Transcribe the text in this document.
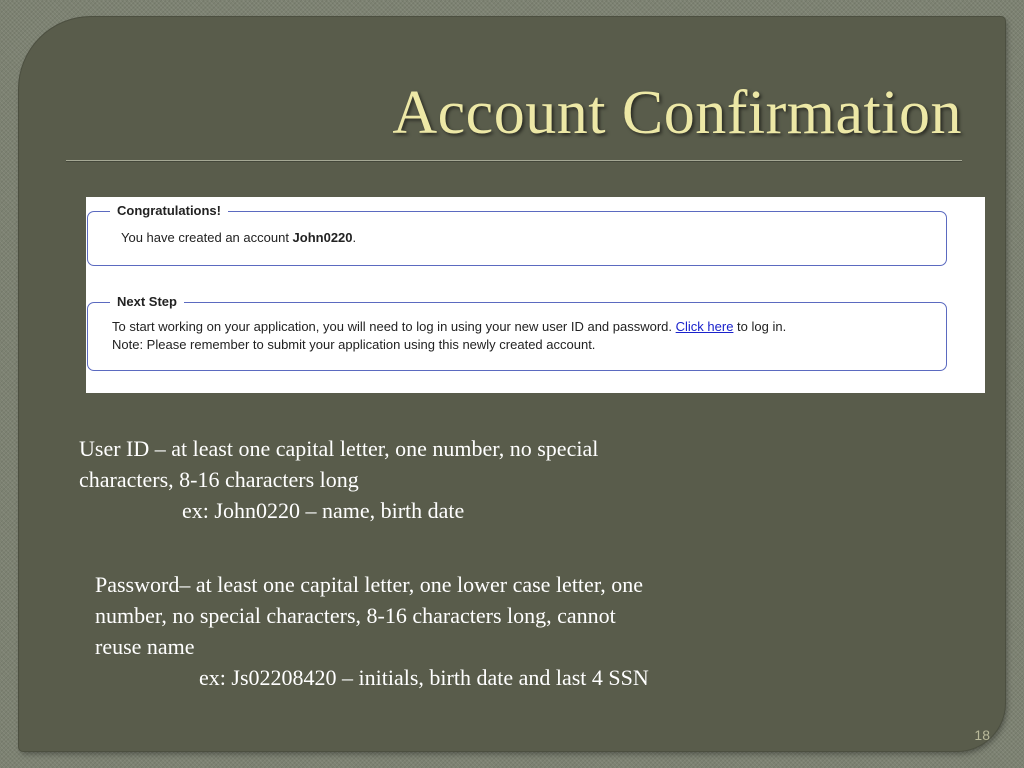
Account Confirmation
Congratulations!
You have created an account John0220.
Next Step
To start working on your application, you will need to log in using your new user ID and password. Click here to log in.
Note: Please remember to submit your application using this newly created account.
User ID – at least one capital letter, one number, no special
characters, 8-16 characters long
ex: John0220 – name, birth date
Password– at least one capital letter, one lower case letter, one
number, no special characters, 8-16 characters long, cannot
reuse name
ex: Js02208420 – initials, birth date and last 4 SSN
18
